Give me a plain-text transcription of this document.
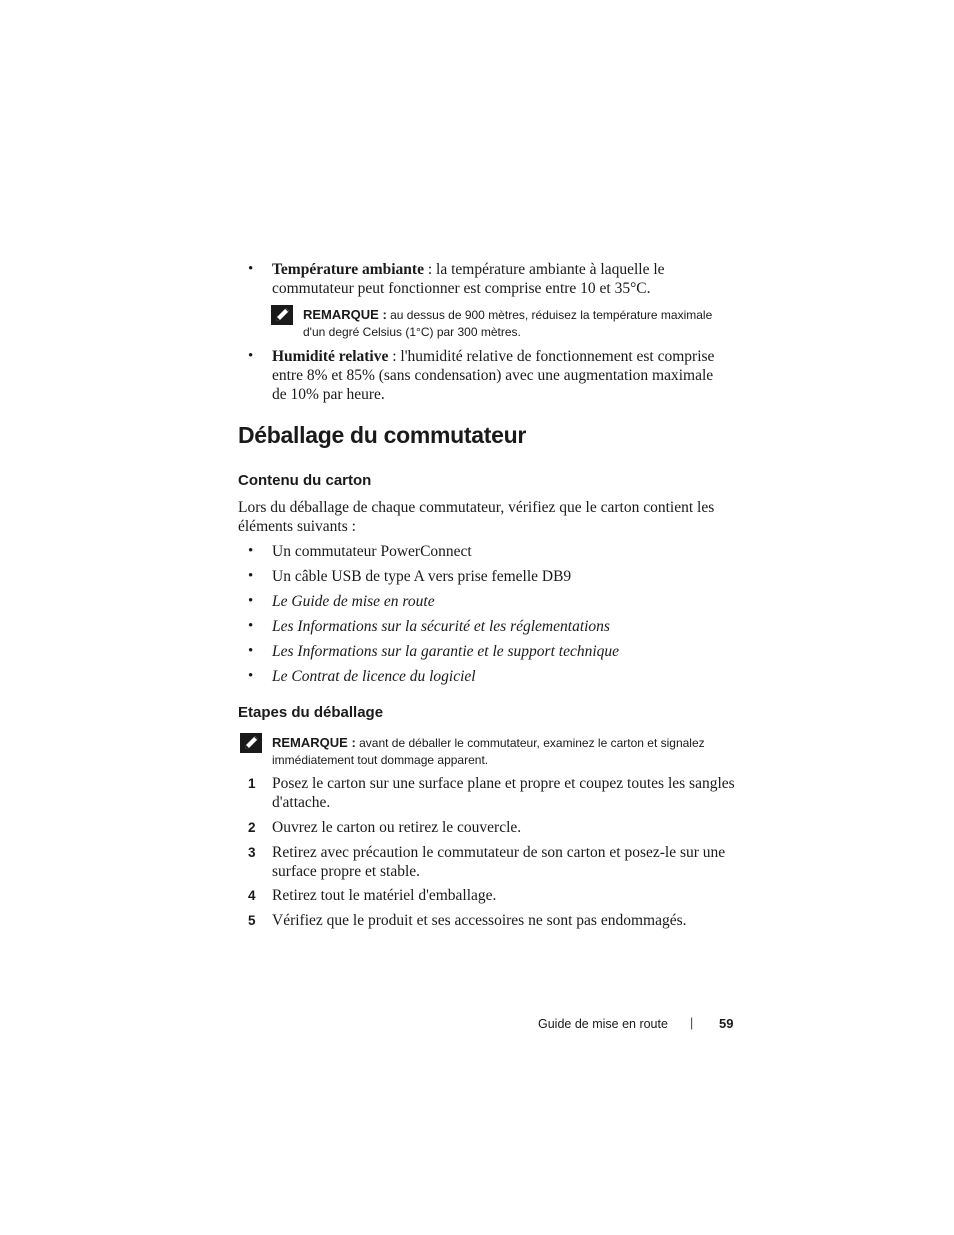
• Température ambiante : la température ambiante à laquelle le commutateur peut fonctionner est comprise entre 10 et 35°C.
REMARQUE : au dessus de 900 mètres, réduisez la température maximale d'un degré Celsius (1°C) par 300 mètres.
• Humidité relative : l'humidité relative de fonctionnement est comprise entre 8% et 85% (sans condensation) avec une augmentation maximale de 10% par heure.
Déballage du commutateur
Contenu du carton
Lors du déballage de chaque commutateur, vérifiez que le carton contient les éléments suivants :
• Un commutateur PowerConnect
• Un câble USB de type A vers prise femelle DB9
• Le Guide de mise en route
• Les Informations sur la sécurité et les réglementations
• Les Informations sur la garantie et le support technique
• Le Contrat de licence du logiciel
Etapes du déballage
REMARQUE : avant de déballer le commutateur, examinez le carton et signalez immédiatement tout dommage apparent.
1 Posez le carton sur une surface plane et propre et coupez toutes les sangles d'attache.
2 Ouvrez le carton ou retirez le couvercle.
3 Retirez avec précaution le commutateur de son carton et posez-le sur une surface propre et stable.
4 Retirez tout le matériel d'emballage.
5 Vérifiez que le produit et ses accessoires ne sont pas endommagés.
Guide de mise en route | 59
